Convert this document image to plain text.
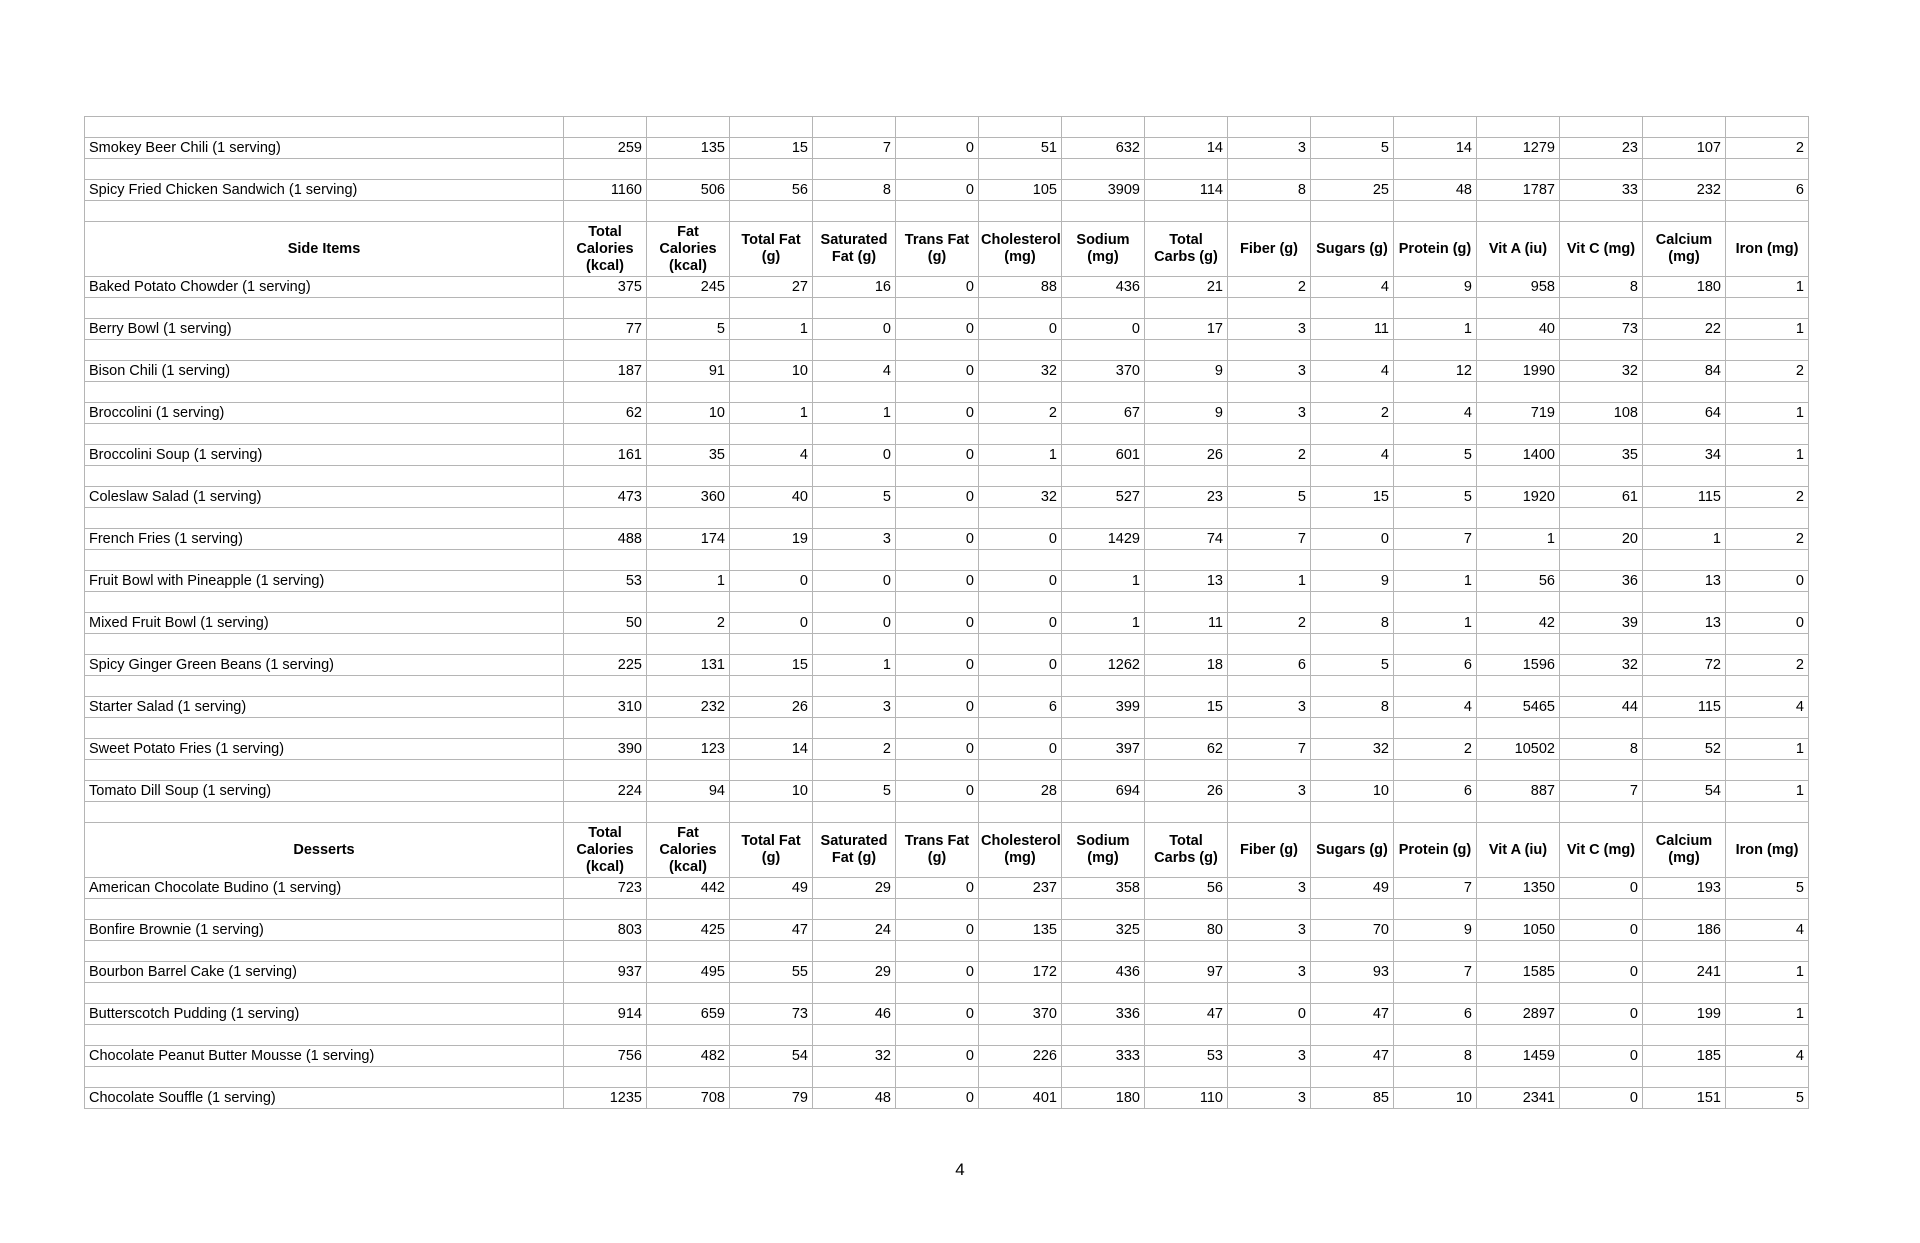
Smokey Beer Chili (1 serving)	259	135	15	7	0	51	632	14	3	5	14	1279	23	107	2

Spicy Fried Chicken Sandwich (1 serving)	1160	506	56	8	0	105	3909	114	8	25	48	1787	33	232	6

Side Items	Total Calories (kcal)	Fat Calories (kcal)	Total Fat (g)	Saturated Fat (g)	Trans Fat (g)	Cholesterol (mg)	Sodium (mg)	Total Carbs (g)	Fiber (g)	Sugars (g)	Protein (g)	Vit A (iu)	Vit C (mg)	Calcium (mg)	Iron (mg)
Baked Potato Chowder (1 serving)	375	245	27	16	0	88	436	21	2	4	9	958	8	180	1

Berry Bowl (1 serving)	77	5	1	0	0	0	0	17	3	11	1	40	73	22	1

Bison Chili (1 serving)	187	91	10	4	0	32	370	9	3	4	12	1990	32	84	2

Broccolini (1 serving)	62	10	1	1	0	2	67	9	3	2	4	719	108	64	1

Broccolini Soup (1 serving)	161	35	4	0	0	1	601	26	2	4	5	1400	35	34	1

Coleslaw Salad (1 serving)	473	360	40	5	0	32	527	23	5	15	5	1920	61	115	2

French Fries (1 serving)	488	174	19	3	0	0	1429	74	7	0	7	1	20	1	2

Fruit Bowl with Pineapple (1 serving)	53	1	0	0	0	0	1	13	1	9	1	56	36	13	0

Mixed Fruit Bowl (1 serving)	50	2	0	0	0	0	1	11	2	8	1	42	39	13	0

Spicy Ginger Green Beans (1 serving)	225	131	15	1	0	0	1262	18	6	5	6	1596	32	72	2

Starter Salad (1 serving)	310	232	26	3	0	6	399	15	3	8	4	5465	44	115	4

Sweet Potato Fries (1 serving)	390	123	14	2	0	0	397	62	7	32	2	10502	8	52	1

Tomato Dill Soup (1 serving)	224	94	10	5	0	28	694	26	3	10	6	887	7	54	1

Desserts	Total Calories (kcal)	Fat Calories (kcal)	Total Fat (g)	Saturated Fat (g)	Trans Fat (g)	Cholesterol (mg)	Sodium (mg)	Total Carbs (g)	Fiber (g)	Sugars (g)	Protein (g)	Vit A (iu)	Vit C (mg)	Calcium (mg)	Iron (mg)
American Chocolate Budino (1 serving)	723	442	49	29	0	237	358	56	3	49	7	1350	0	193	5

Bonfire Brownie (1 serving)	803	425	47	24	0	135	325	80	3	70	9	1050	0	186	4

Bourbon Barrel Cake (1 serving)	937	495	55	29	0	172	436	97	3	93	7	1585	0	241	1

Butterscotch Pudding (1 serving)	914	659	73	46	0	370	336	47	0	47	6	2897	0	199	1

Chocolate Peanut Butter Mousse (1 serving)	756	482	54	32	0	226	333	53	3	47	8	1459	0	185	4

Chocolate Souffle (1 serving)	1235	708	79	48	0	401	180	110	3	85	10	2341	0	151	5
4
